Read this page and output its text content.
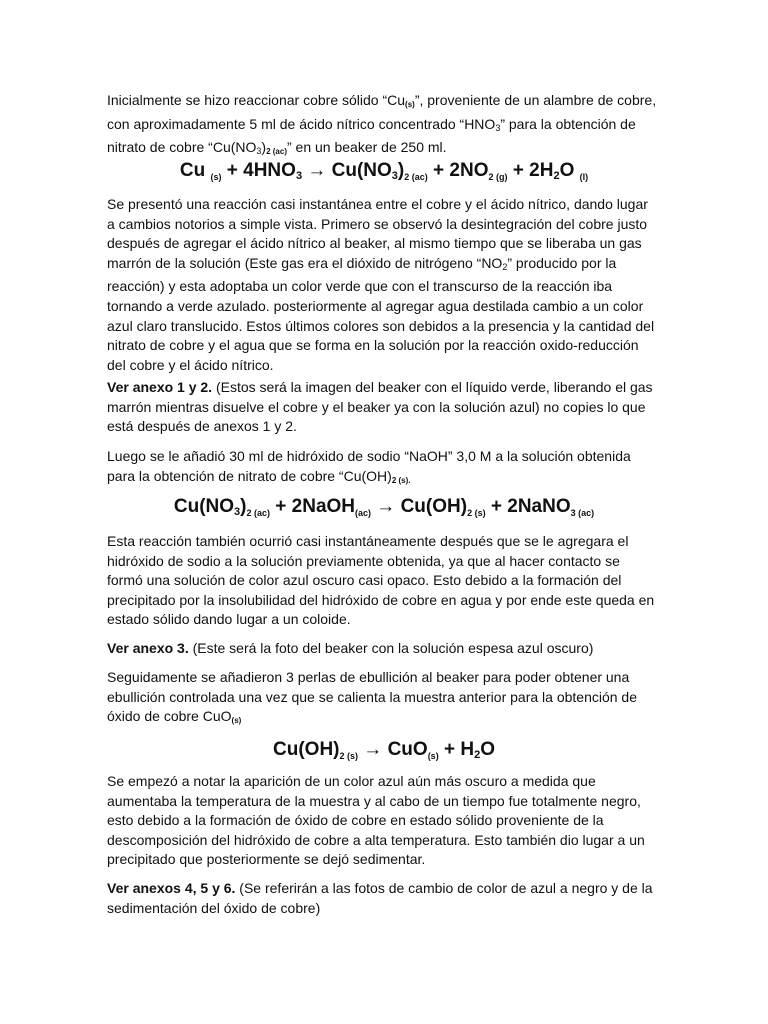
Inicialmente se hizo reaccionar cobre sólido “$Cu_{(s)}$”, proveniente de un alambre de cobre, con aproximadamente 5 ml de ácido nítrico concentrado “$HNO_3$” para la obtención de nitrato de cobre “$Cu(NO_3)_{2 (ac)}$” en un beaker de 250 ml.

Cu $_{(s)} + 4HNO_3 \to Cu(NO_3)_{2 (ac)} + 2NO_{2 (g)} + 2H_2O$ $_{(l)}$

Se presentó una reacción casi instantánea entre el cobre y el ácido nítrico, dando lugar a cambios notorios a simple vista. Primero se observó la desintegración del cobre justo después de agregar el ácido nítrico al beaker, al mismo tiempo que se liberaba un gas marrón de la solución (Este gas era el dióxido de nitrógeno “$NO_2$” producido por la reacción) y esta adoptaba un color verde que con el transcurso de la reacción iba tornando a verde azulado. posteriormente al agregar agua destilada cambio a un color azul claro translucido. Estos últimos colores son debidos a la presencia y la cantidad del nitrato de cobre y el agua que se forma en la solución por la reacción oxido-reducción del cobre y el ácido nítrico.

Ver anexo 1 y 2. (Estos será la imagen del beaker con el líquido verde, liberando el gas marrón mientras disuelve el cobre y el beaker ya con la solución azul) no copies lo que está después de anexos 1 y 2.

Luego se le añadió 30 ml de hidróxido de sodio “NaOH” 3,0 M a la solución obtenida para la obtención de nitrato de cobre “$Cu(OH)_{2 (s).}$

$Cu(NO_3)_{2 (ac)}$ + 2NaOH$_{(ac)}$ → $Cu(OH)_{2 (s)}$ + 2NaNO$_{3 (ac)}$

Esta reacción también ocurrió casi instantáneamente después que se le agregara el hidróxido de sodio a la solución previamente obtenida, ya que al hacer contacto se formó una solución de color azul oscuro casi opaco. Esto debido a la formación del precipitado por la insolubilidad del hidróxido de cobre en agua y por ende este queda en estado sólido dando lugar a un coloide.

Ver anexo 3. (Este será la foto del beaker con la solución espesa azul oscuro)

Seguidamente se añadieron 3 perlas de ebullición al beaker para poder obtener una ebullición controlada una vez que se calienta la muestra anterior para la obtención de óxido de cobre CuO$_{(s)}$

$Cu(OH)_{2 (s)} \to CuO_{(s)} + H_2O$

Se empezó a notar la aparición de un color azul aún más oscuro a medida que aumentaba la temperatura de la muestra y al cabo de un tiempo fue totalmente negro, esto debido a la formación de óxido de cobre en estado sólido proveniente de la descomposición del hidróxido de cobre a alta temperatura. Esto también dio lugar a un precipitado que posteriormente se dejó sedimentar.

Ver anexos 4, 5 y 6. (Se referirán a las fotos de cambio de color de azul a negro y de la sedimentación del óxido de cobre)
